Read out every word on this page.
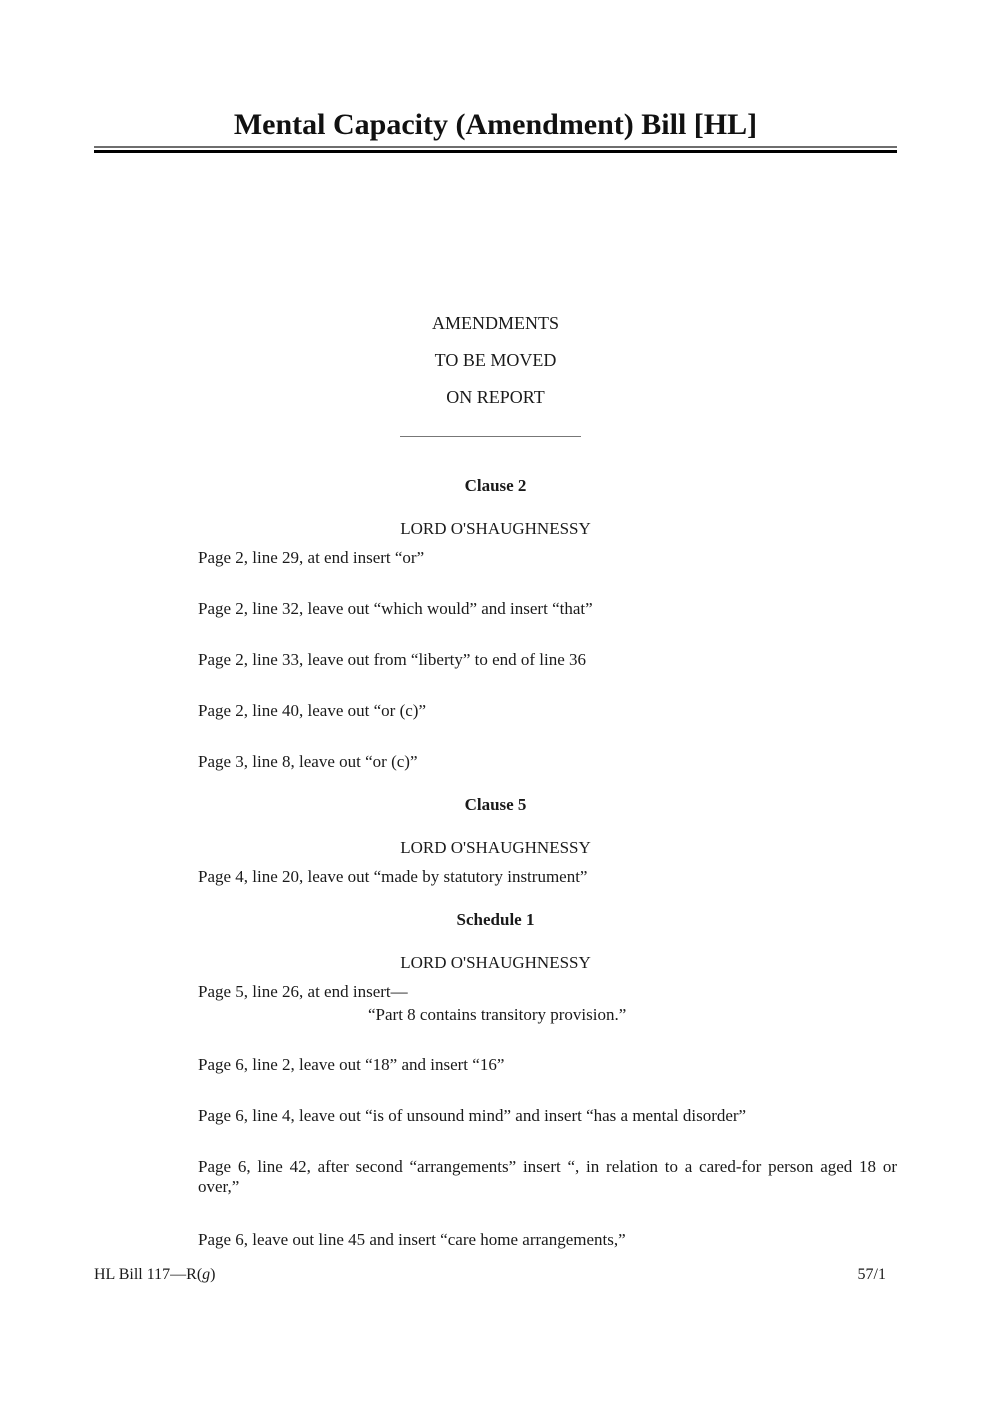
Mental Capacity (Amendment) Bill [HL]
AMENDMENTS
TO BE MOVED
ON REPORT
Clause 2
LORD O'SHAUGHNESSY
Page 2, line 29, at end insert “or”
Page 2, line 32, leave out “which would” and insert “that”
Page 2, line 33, leave out from “liberty” to end of line 36
Page 2, line 40, leave out “or (c)”
Page 3, line 8, leave out “or (c)”
Clause 5
LORD O'SHAUGHNESSY
Page 4, line 20, leave out “made by statutory instrument”
Schedule 1
LORD O'SHAUGHNESSY
Page 5, line 26, at end insert—
“Part 8 contains transitory provision.”
Page 6, line 2, leave out “18” and insert “16”
Page 6, line 4, leave out “is of unsound mind” and insert “has a mental disorder”
Page 6, line 42, after second “arrangements” insert “, in relation to a cared-for person aged 18 or over,”
Page 6, leave out line 45 and insert “care home arrangements,”
HL Bill 117—R(g)	57/1
